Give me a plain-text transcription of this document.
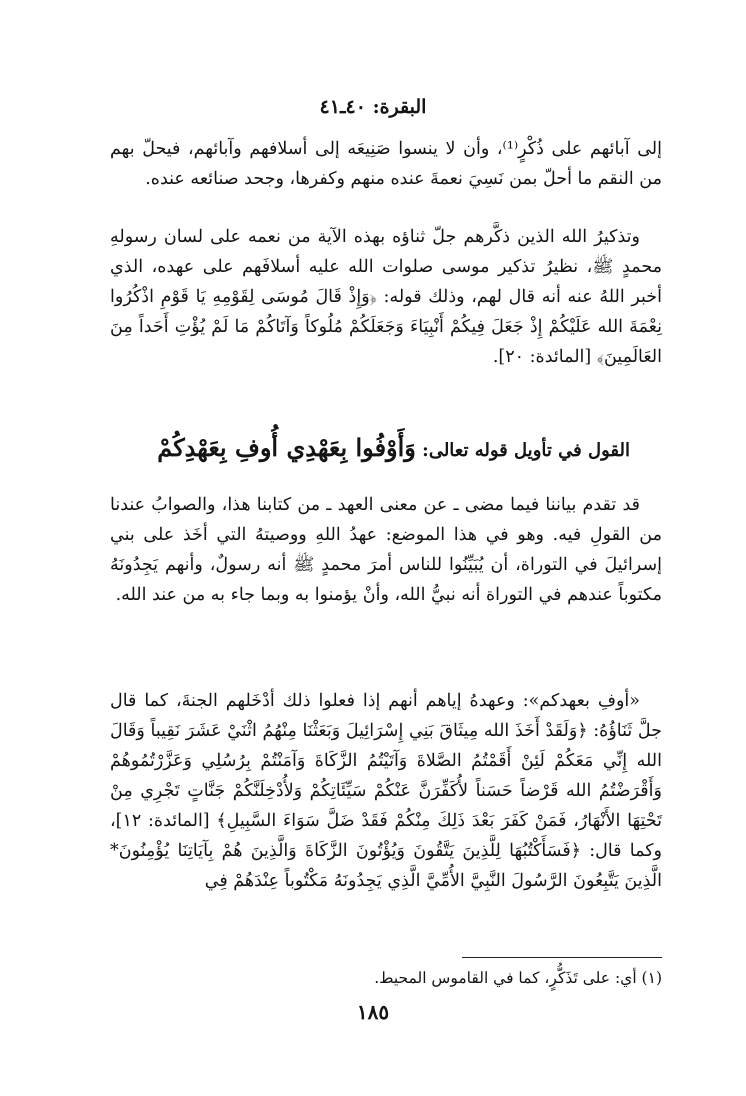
البقرة: ٤٠ـ٤١

إلى آبائهم على ذُكْرٍ⁽¹⁾، وأن لا ينسوا صَنِيعَه إلى أسلافهم وآبائهم، فيحلّ بهم من النقم ما أحلّ بمن نَسِيَ نعمةَ عنده منهم وكفرها، وجحد صنائعه عنده.

وتذكيرُ الله الذين ذكَّرهم جلّ ثناؤه بهذه الآية من نعمه على لسان رسولهِ محمدٍ ﷺ، نظيرُ تذكير موسى صلوات الله عليه أسلافَهم على عهده، الذي أخبر اللهُ عنه أنه قال لهم، وذلك قوله: ﴿وَإِذْ قَالَ مُوسَى لِقَوْمِهِ يَا قَوْمِ اذْكُرُوا نِعْمَةَ الله عَلَيْكُمْ إِذْ جَعَلَ فِيكُمْ أَنْبِيَاءَ وَجَعَلَكُمْ مُلُوكاً وَآتَاكُمْ مَا لَمْ يُؤْتِ أَحَداً مِنَ العَالَمِينَ﴾ [المائدة: ٢٠].

القول في تأويل قوله تعالى: وَأَوْفُوا بِعَهْدِي أُوفِ بِعَهْدِكُمْ

قد تقدم بياننا فيما مضى ـ عن معنى العهد ـ من كتابنا هذا، والصوابُ عندنا من القولِ فيه. وهو في هذا الموضع: عهدُ اللهِ ووصيتهُ التي أخَذ على بني إسرائيلَ في التوراة، أن يُبَيِّنُوا للناس أمرَ محمدٍ ﷺ أنه رسولٌ، وأنهم يَجِدُونَهُ مكتوباً عندهم في التوراة أنه نبيُّ الله، وأنْ يؤمنوا به وبما جاء به من عند الله.

«أوفِ بعهدكم»: وعهدهُ إياهم أنهم إذا فعلوا ذلك أدْخَلهم الجنةَ، كما قال جلَّ ثَنَاؤُهُ: ﴿وَلَقَدْ أَخَذَ الله مِيثَاقَ بَنِي إِسْرَائِيلَ وَبَعَثْنَا مِنْهُمُ اثْنَيْ عَشَرَ نَقِيباً وَقَالَ الله إِنِّي مَعَكُمْ لَئِنْ أَقَمْتُمُ الصَّلاةَ وَآتَيْتُمُ الزَّكَاةَ وَآمَنْتُمْ بِرُسُلِي وَعَزَّرْتُمُوهُمْ وَأَقْرَضْتُمُ الله قَرْضاً حَسَناً لأُكَفِّرَنَّ عَنْكُمْ سَيِّئَاتِكُمْ وَلأُدْخِلَنَّكُمْ جَنَّاتٍ تَجْرِي مِنْ تَحْتِهَا الأَنْهَارُ، فَمَنْ كَفَرَ بَعْدَ ذَلِكَ مِنْكُمْ فَقَدْ ضَلَّ سَوَاءَ السَّبِيلِ﴾ [المائدة: ١٢]، وكما قال: ﴿فَسَأَكْتُبُهَا لِلَّذِينَ يَتَّقُونَ وَيُؤْتُونَ الزَّكَاةَ وَالَّذِينَ هُمْ بِآيَاتِنَا يُؤْمِنُونَ* الَّذِينَ يَتَّبِعُونَ الرَّسُولَ النَّبِيَّ الأُمِّيَّ الَّذِي يَجِدُونَهُ مَكْتُوباً عِنْدَهُمْ فِي

(١) أي: على تَذَكُّرٍ، كما في القاموس المحيط.
١٨٥
